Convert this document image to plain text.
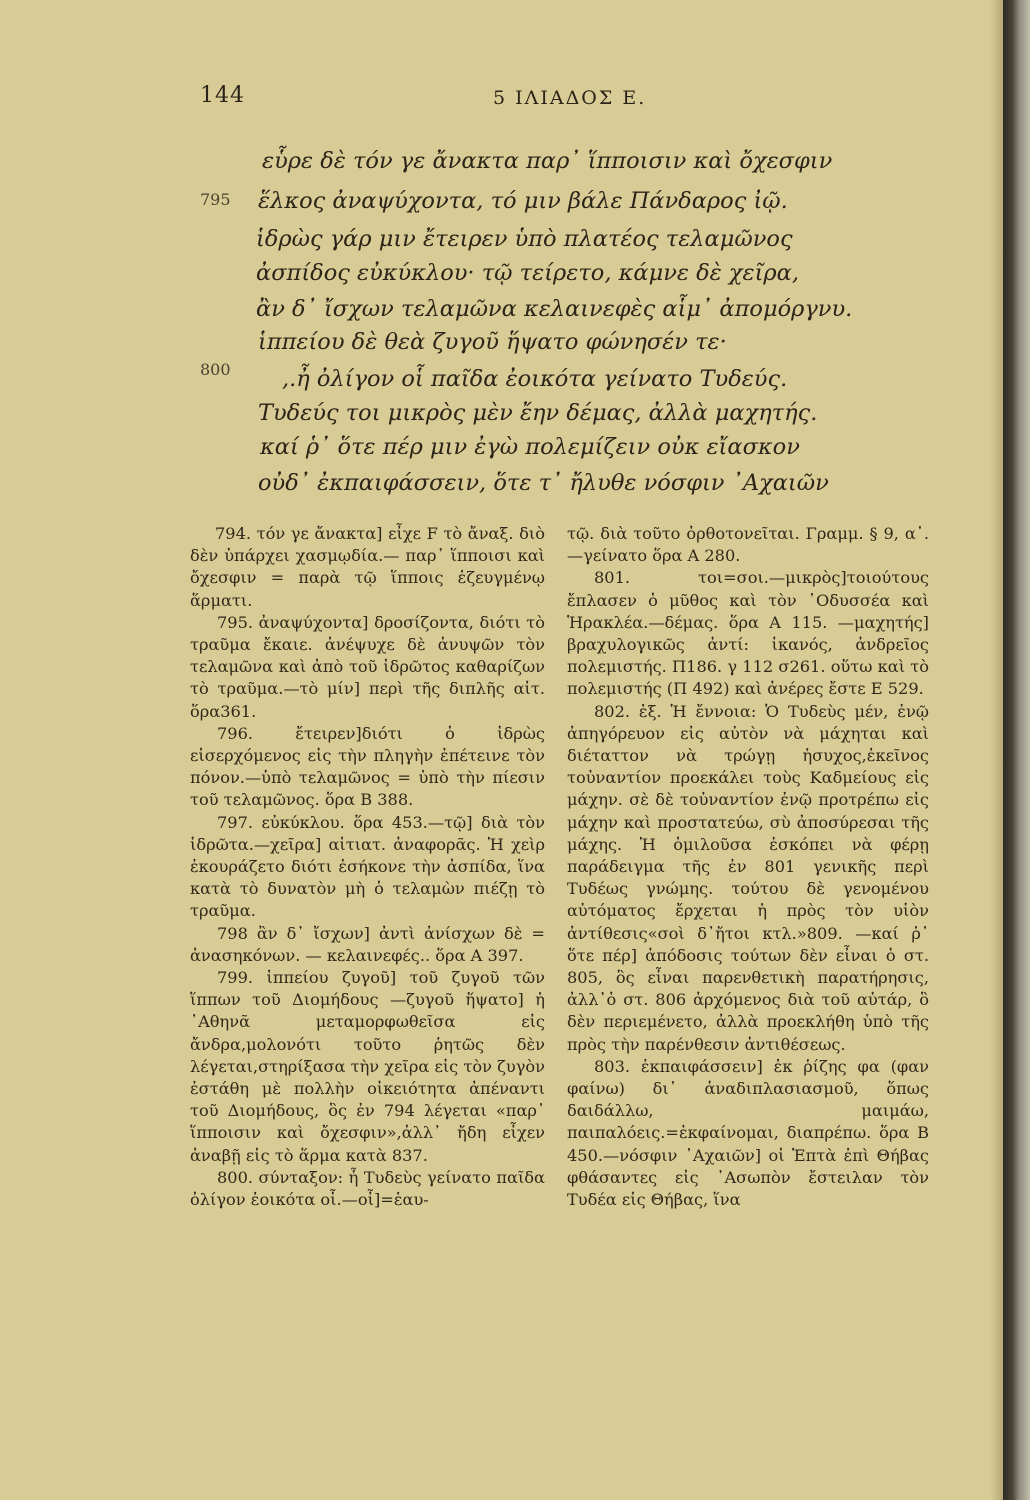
144	5 ΙΛΙΑΔΟΣ Ε.
795
800
εὗρε δὲ τόν γε ἄνακτα παρ᾽ ἵπποισιν καὶ ὄχεσφιν
ἕλκος ἀναψύχοντα, τό μιν βάλε Πάνδαρος ἰῷ.
ἱδρὼς γάρ μιν ἔτειρεν ὑπὸ πλατέος τελαμῶνος
ἀσπίδος εὐκύκλου· τῷ τείρετο, κάμνε δὲ χεῖρα,
ἂν δ᾽ ἴσχων τελαμῶνα κελαινεφὲς αἷμ᾽ ἀπομόργνυ.
ἱππείου δὲ θεὰ ζυγοῦ ἥψατο φώνησέν τε·
,.ἦ ὀλίγον οἷ παῖδα ἐοικότα γείνατο Τυδεύς.
Τυδεύς τοι μικρὸς μὲν ἔην δέμας, ἀλλὰ μαχητής.
καί ῥ᾽ ὅτε πέρ μιν ἐγὼ πολεμίζειν οὐκ εἴασκον
οὐδ᾽ ἐκπαιφάσσειν, ὅτε τ᾽ ἤλυθε νόσφιν ᾽Αχαιῶν

794. τόν γε ἄνακτα] εἶχε F τὸ ἄναξ. διὸ δὲν ὑπάρχει χασμῳδία.— παρ᾽ ἵπποισι καὶ ὄχεσφιν = παρὰ τῷ ἵπποις ἐζευγμένῳ ἅρματι.

795. ἀναψύχοντα] δροσίζοντα, διότι τὸ τραῦμα ἔκαιε. ἀνέψυχε δὲ ἀνυψῶν τὸν τελαμῶνα καὶ ἀπὸ τοῦ ἱδρῶτος καθαρίζων τὸ τραῦμα.—τὸ μίν] περὶ τῆς διπλῆς αἰτ. ὅρα361.

796. ἔτειρεν]διότι ὁ ἱδρὼς εἰσερχόμενος εἰς τὴν πληγὴν ἐπέτεινε τὸν πόνον.—ὑπὸ τελαμῶνος = ὑπὸ τὴν πίεσιν τοῦ τελαμῶνος. ὅρα Β 388.

797. εὐκύκλου. ὅρα 453.—τῷ] διὰ τὸν ἱδρῶτα.—χεῖρα] αἰτιατ. ἀναφορᾶς. Ἡ χεὶρ ἐκουράζετο διότι ἐσήκονε τὴν ἀσπίδα, ἵνα κατὰ τὸ δυνατὸν μὴ ὁ τελαμὼν πιέζῃ τὸ τραῦμα.

798 ἂν δ᾽ ἴσχων] ἀντὶ ἀνίσχων δὲ = ἀνασηκόνων. — κελαινεφές.. ὅρα Α 397.

799. ἱππείου ζυγοῦ] τοῦ ζυγοῦ τῶν ἵππων τοῦ Διομήδους —ζυγοῦ ἥψατο] ἡ ᾽Αθηνᾶ μεταμορφωθεῖσα εἰς ἄνδρα,μολονότι τοῦτο ῥητῶς δὲν λέγεται,στηρίξασα τὴν χεῖρα εἰς τὸν ζυγὸν ἐστάθη μὲ πολλὴν οἰκειότητα ἀπέναντι τοῦ Διομήδους, ὃς ἐν 794 λέγεται «παρ᾽ ἵπποισιν καὶ ὄχεσφιν»,ἀλλ᾽ ἤδη εἶχεν ἀναβῇ εἰς τὸ ἅρμα κατὰ 837.

800. σύνταξον: ἦ Τυδεὺς γείνατο παῖδα ὀλίγον ἐοικότα οἷ.—οἷ]=ἑαυ-

τῷ. διὰ τοῦτο ὀρθοτονεῖται. Γραμμ. § 9, α᾽.—γείνατο ὅρα Α 280.

801. τοι=σοι.—μικρὸς]τοιούτους ἔπλασεν ὁ μῦθος καὶ τὸν ᾽Οδυσσέα καὶ Ἡρακλέα.—δέμας. ὅρα Α 115. —μαχητής] βραχυλογικῶς ἀντί: ἱκανός, ἀνδρεῖος πολεμιστής. Π186. γ 112 σ261. οὕτω καὶ τὸ πολεμιστής (Π 492) καὶ ἀνέρες ἔστε Ε 529.

802. ἑξ. Ἡ ἔννοια: Ὁ Τυδεὺς μέν, ἐνῷ ἀπηγόρευον εἰς αὐτὸν νὰ μάχηται καὶ διέταττον νὰ τρώγῃ ἡσυχος,ἐκεῖνος τοὐναντίον προεκάλει τοὺς Καδμείους εἰς μάχην. σὲ δὲ τοὐναντίον ἐνῷ προτρέπω εἰς μάχην καὶ προστατεύω, σὺ ἀποσύρεσαι τῆς μάχης. Ἡ ὁμιλοῦσα ἐσκόπει νὰ φέρῃ παράδειγμα τῆς ἐν 801 γενικῆς περὶ Τυδέως γνώμης. τούτου δὲ γενομένου αὐτόματος ἔρχεται ἡ πρὸς τὸν υἱὸν ἀντίθεσις«σοὶ δ᾽ἤτοι κτλ.»809. —καί ῥ᾽ ὅτε πέρ] ἀπόδοσις τούτων δὲν εἶναι ὁ στ. 805, ὃς εἶναι παρενθετικὴ παρατήρησις, ἀλλ᾽ὁ στ. 806 ἀρχόμενος διὰ τοῦ αὐτάρ, ὃ δὲν περιεμένετο, ἀλλὰ προεκλήθη ὑπὸ τῆς πρὸς τὴν παρένθεσιν ἀντιθέσεως.

803. ἐκπαιφάσσειν] ἐκ ῥίζης φα (φαν φαίνω) δι᾽ ἀναδιπλασιασμοῦ, ὅπως δαιδάλλω, μαιμάω, παιπαλόεις.=ἐκφαίνομαι, διαπρέπω. ὅρα Β 450.—νόσφιν ᾽Αχαιῶν] οἱ Ἑπτὰ ἐπὶ Θήβας φθάσαντες εἰς ᾽Ασωπὸν ἔστειλαν τὸν Τυδέα εἰς Θήβας, ἵνα
